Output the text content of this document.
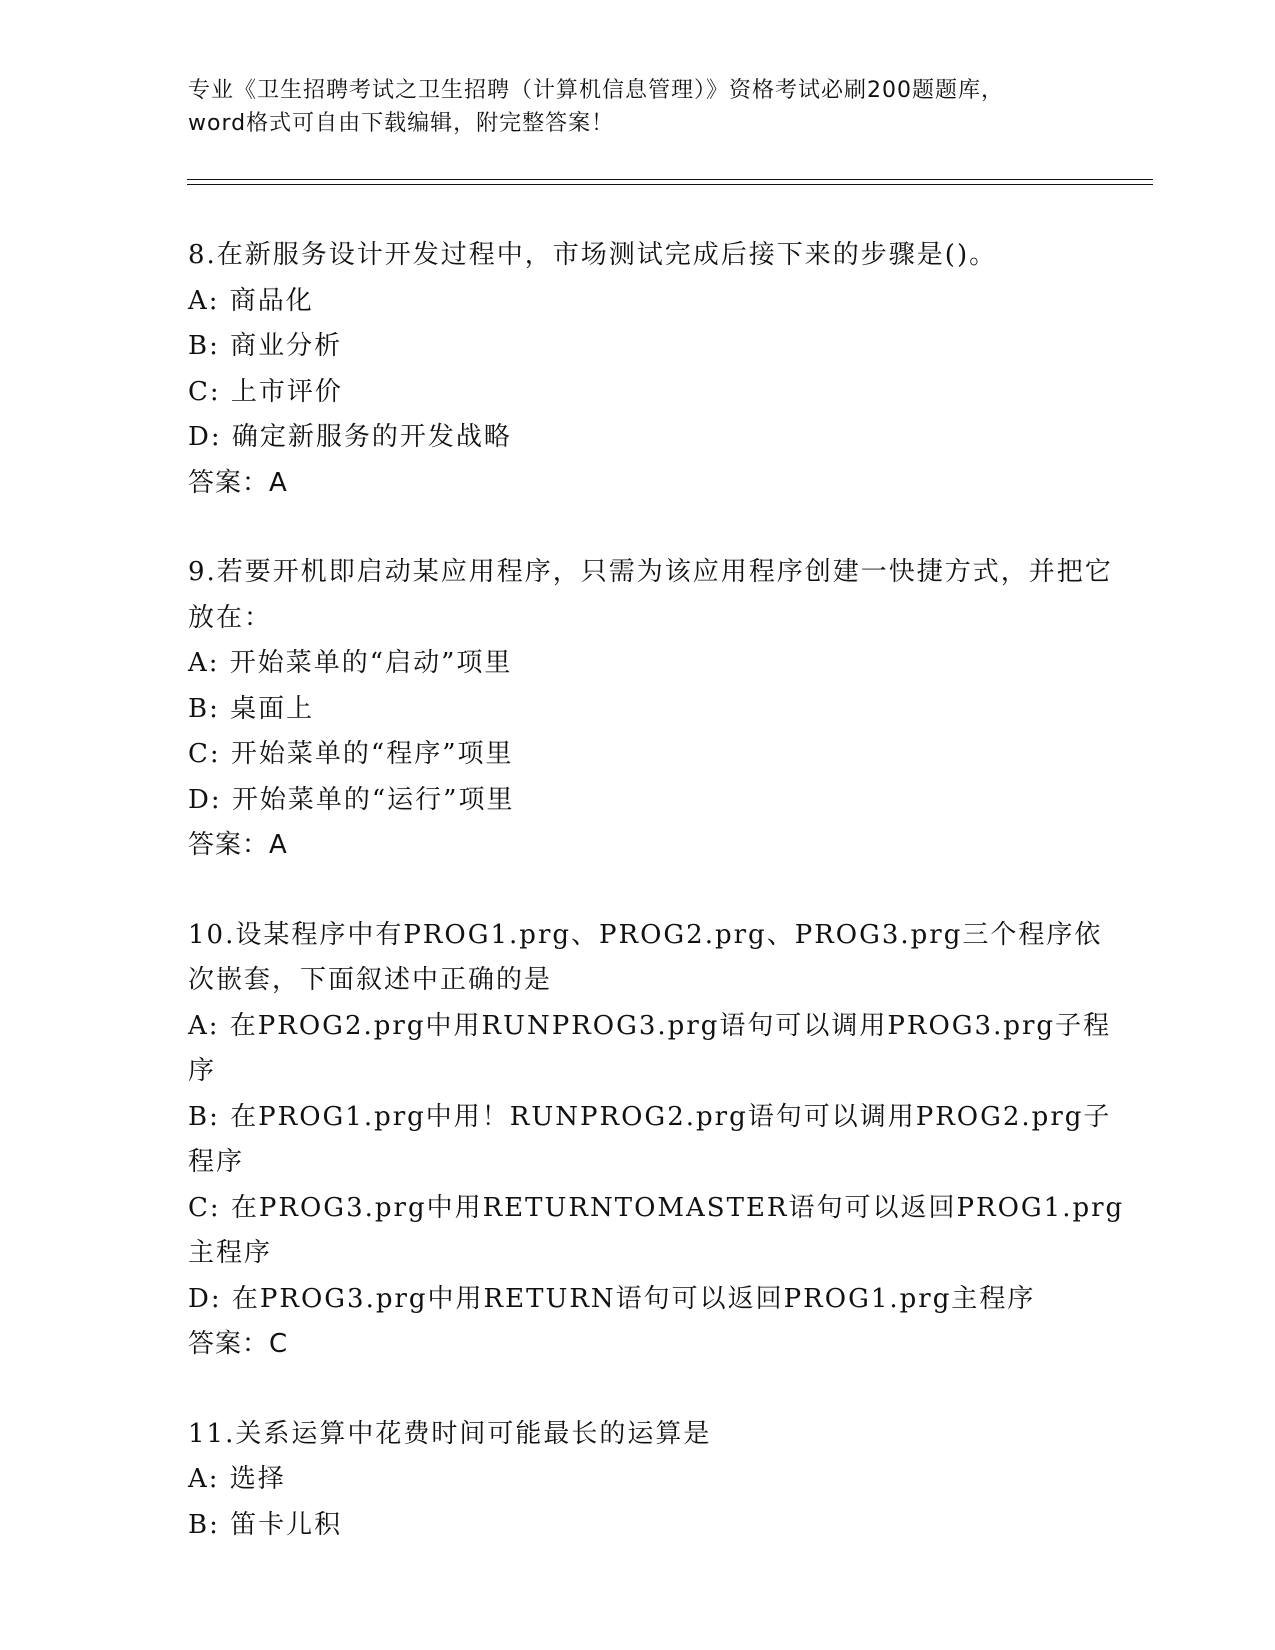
专业《卫生招聘考试之卫生招聘（计算机信息管理）》资格考试必刷200题题库，
word格式可自由下载编辑，附完整答案！
8.在新服务设计开发过程中，市场测试完成后接下来的步骤是()。
A: 商品化
B: 商业分析
C: 上市评价
D: 确定新服务的开发战略
答案：A
9.若要开机即启动某应用程序，只需为该应用程序创建一快捷方式，并把它放在：
A: 开始菜单的“启动”项里
B: 桌面上
C: 开始菜单的“程序”项里
D: 开始菜单的“运行”项里
答案：A
10.设某程序中有PROG1.prg、PROG2.prg、PROG3.prg三个程序依次嵌套，下面叙述中正确的是
A: 在PROG2.prg中用RUNPROG3.prg语句可以调用PROG3.prg子程序
B: 在PROG1.prg中用！RUNPROG2.prg语句可以调用PROG2.prg子程序
C: 在PROG3.prg中用RETURNTOMASTER语句可以返回PROG1.prg主程序
D: 在PROG3.prg中用RETURN语句可以返回PROG1.prg主程序
答案：C
11.关系运算中花费时间可能最长的运算是
A: 选择
B: 笛卡儿积
